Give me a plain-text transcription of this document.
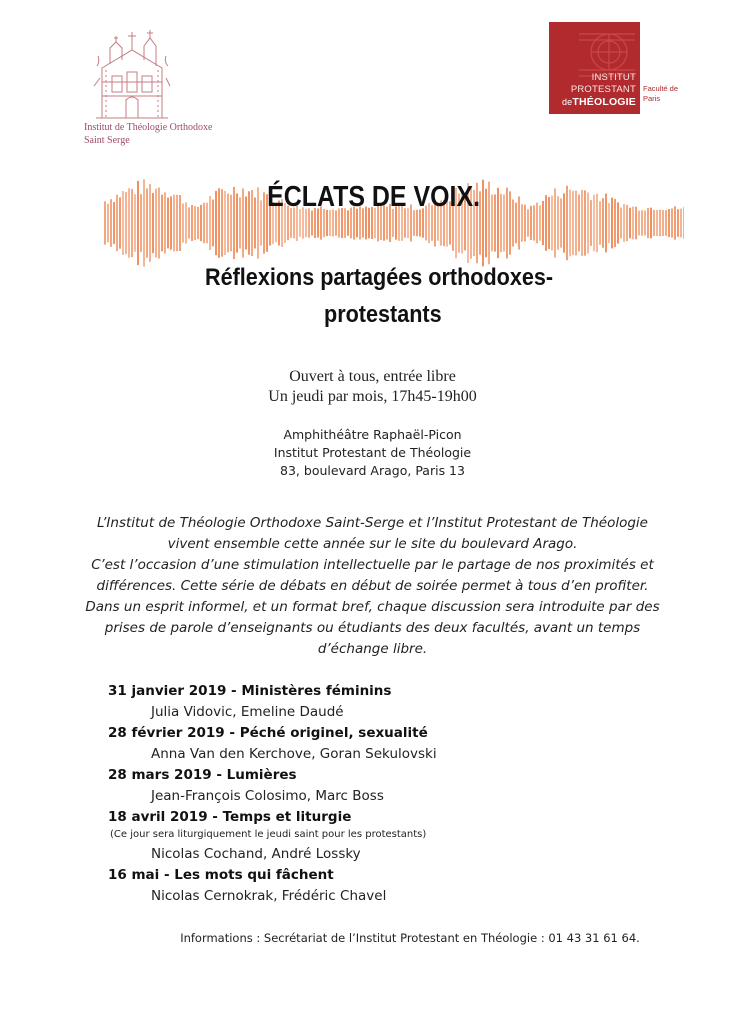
Institut de Théologie Orthodoxe
Saint Serge
INSTITUT
PROTESTANT
deTHÉOLOGIE
Faculté de
Paris
ÉCLATS DE VOIX.
Réflexions partagées orthodoxes-
protestants
Ouvert à tous, entrée libre
Un jeudi par mois, 17h45-19h00
Amphithéâtre Raphaël-Picon
Institut Protestant de Théologie
83, boulevard Arago, Paris 13
L’Institut de Théologie Orthodoxe Saint-Serge et l’Institut Protestant de Théologie
vivent ensemble cette année sur le site du boulevard Arago.
C’est l’occasion d’une stimulation intellectuelle par le partage de nos proximités et
différences. Cette série de débats en début de soirée permet à tous d’en profiter.
Dans un esprit informel, et un format bref, chaque discussion sera introduite par des
prises de parole d’enseignants ou étudiants des deux facultés, avant un temps
d’échange libre.
31 janvier 2019 - Ministères féminins
Julia Vidovic, Emeline Daudé
28 février 2019 - Péché originel, sexualité
Anna Van den Kerchove, Goran Sekulovski
28 mars 2019 - Lumières
Jean-François Colosimo, Marc Boss
18 avril 2019 - Temps et liturgie
(Ce jour sera liturgiquement le jeudi saint pour les protestants)
Nicolas Cochand, André Lossky
16 mai - Les mots qui fâchent
Nicolas Cernokrak, Frédéric Chavel
Informations : Secrétariat de l’Institut Protestant en Théologie : 01 43 31 61 64.
